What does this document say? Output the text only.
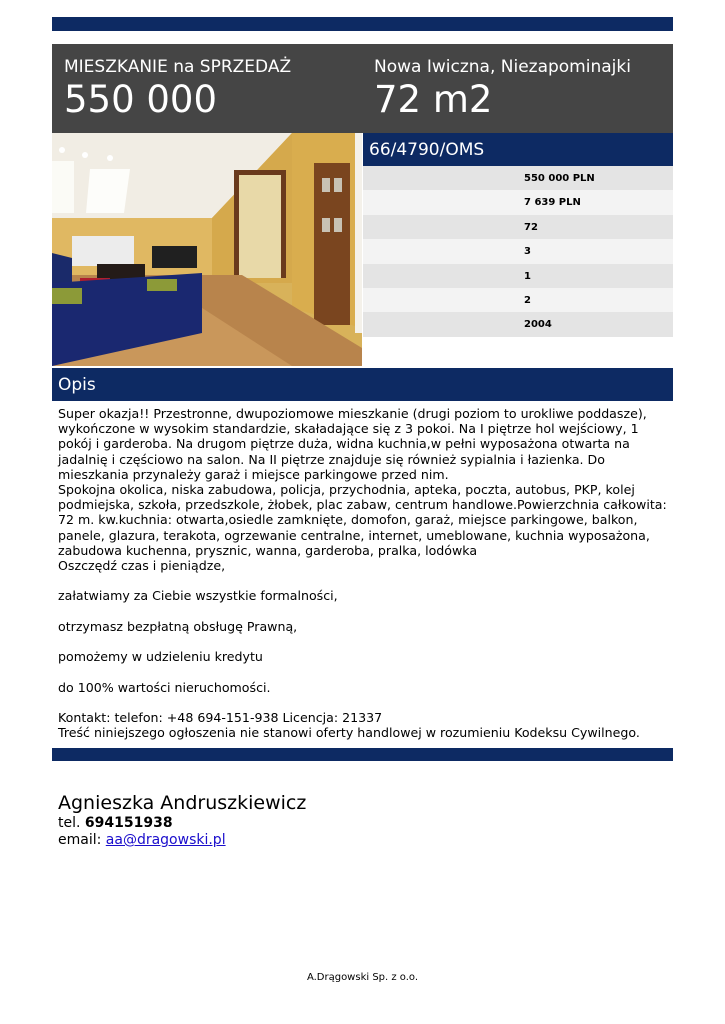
MIESZKANIE na SPRZEDAŻ
550 000
Nowa Iwiczna, Niezapominajki
72 m2
66/4790/OMS
550 000 PLN
7 639 PLN
72
3
1
2
2004
Opis

Super okazja!! Przestronne, dwupoziomowe mieszkanie (drugi poziom to urokliwe poddasze), wykończone w wysokim standardzie, skaładające się z 3 pokoi. Na I piętrze hol wejściowy, 1 pokój i garderoba. Na drugom piętrze duża, widna kuchnia,w pełni wyposażona otwarta na jadalnię i częściowo na salon. Na II piętrze znajduje się również sypialnia i łazienka. Do mieszkania przynależy garaż i miejsce parkingowe przed nim.

Spokojna okolica, niska zabudowa, policja, przychodnia, apteka, poczta, autobus, PKP, kolej podmiejska, szkoła, przedszkole, żłobek, plac zabaw, centrum handlowe.Powierzchnia całkowita: 72 m. kw.kuchnia: otwarta,osiedle zamknięte, domofon, garaż, miejsce parkingowe, balkon, panele, glazura, terakota, ogrzewanie centralne, internet, umeblowane, kuchnia wyposażona, zabudowa kuchenna, prysznic, wanna, garderoba, pralka, lodówka

Oszczędź czas i pieniądze,

załatwiamy za Ciebie wszystkie formalności,

otrzymasz bezpłatną obsługę Prawną,

pomożemy w udzieleniu kredytu

do 100% wartości nieruchomości.

Kontakt: telefon: +48 694-151-938 Licencja: 21337

Treść niniejszego ogłoszenia nie stanowi oferty handlowej w rozumieniu Kodeksu Cywilnego.

Agnieszka Andruszkiewicz
tel. 694151938
email: aa@dragowski.pl
A.Drągowski Sp. z o.o.
